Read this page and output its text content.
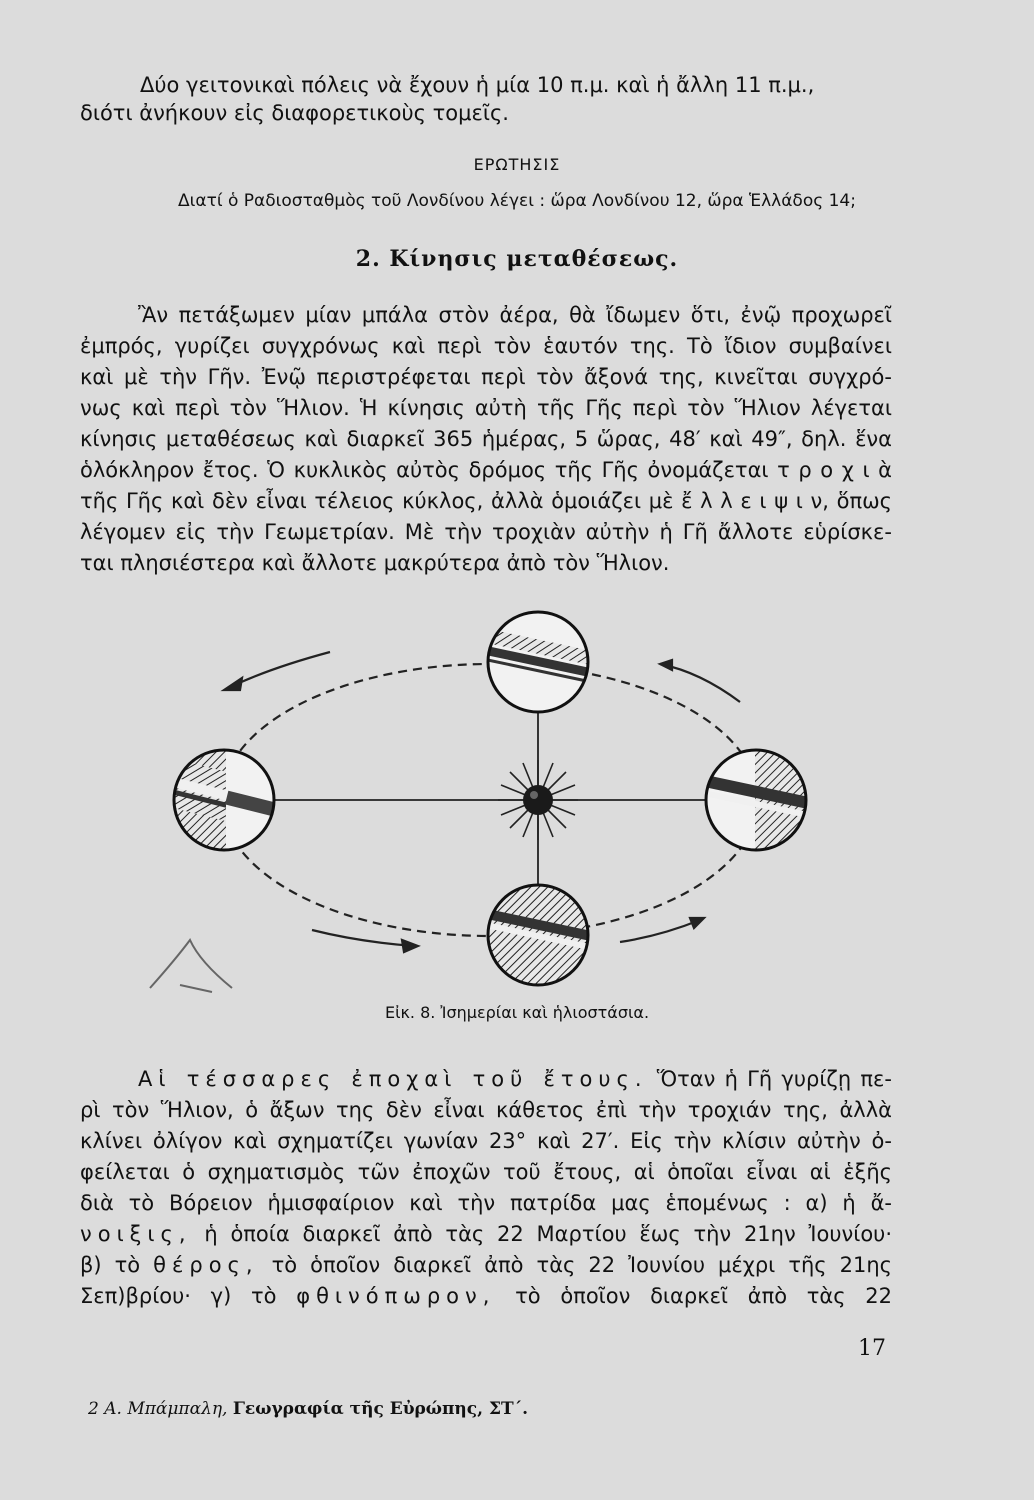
Δύο γειτονικαὶ πόλεις νὰ ἔχουν ἡ μία 10 π.μ. καὶ ἡ ἄλλη 11 π.μ.,
διότι ἀνήκουν εἰς διαφορετικοὺς τομεῖς.
ΕΡΩΤΗΣΙΣ
Διατί ὁ Ραδιοσταθμὸς τοῦ Λονδίνου λέγει : ὥρα Λονδίνου 12, ὥρα Ἑλλάδος 14;
2. Κίνησις μεταθέσεως.
Ἂν πετάξωμεν μίαν μπάλα στὸν ἀέρα, θὰ ἴδωμεν ὅτι, ἐνῷ προχωρεῖ
ἐμπρός, γυρίζει συγχρόνως καὶ περὶ τὸν ἑαυτόν της. Τὸ ἴδιον συμβαίνει
καὶ μὲ τὴν Γῆν. Ἐνῷ περιστρέφεται περὶ τὸν ἄξονά της, κινεῖται συγχρό-
νως καὶ περὶ τὸν Ἥλιον. Ἡ κίνησις αὐτὴ τῆς Γῆς περὶ τὸν Ἥλιον λέγεται
κίνησις μεταθέσεως καὶ διαρκεῖ 365 ἡμέρας, 5 ὥρας, 48′ καὶ 49″, δηλ. ἕνα
ὁλόκληρον ἔτος. Ὁ κυκλικὸς αὐτὸς δρόμος τῆς Γῆς ὀνομάζεται τ ρ ο χ ι ὰ
τῆς Γῆς καὶ δὲν εἶναι τέλειος κύκλος, ἀλλὰ ὁμοιάζει μὲ ἔ λ λ ε ι ψ ι ν, ὅπως
λέγομεν εἰς τὴν Γεωμετρίαν. Μὲ τὴν τροχιὰν αὐτὴν ἡ Γῆ ἄλλοτε εὑρίσκε-
ται πλησιέστερα καὶ ἄλλοτε μακρύτερα ἀπὸ τὸν Ἥλιον.
Εἰκ. 8. Ἰσημερίαι καὶ ἡλιοστάσια.
Αἱ τέσσαρες ἐποχαὶ τοῦ ἔτους. Ὅταν ἡ Γῆ γυρίζῃ πε-
ρὶ τὸν Ἥλιον, ὁ ἄξων της δὲν εἶναι κάθετος ἐπὶ τὴν τροχιάν της, ἀλλὰ
κλίνει ὀλίγον καὶ σχηματίζει γωνίαν 23° καὶ 27′. Εἰς τὴν κλίσιν αὐτὴν ὀ-
φείλεται ὁ σχηματισμὸς τῶν ἐποχῶν τοῦ ἔτους, αἱ ὁποῖαι εἶναι αἱ ἑξῆς
διὰ τὸ Βόρειον ἡμισφαίριον καὶ τὴν πατρίδα μας ἑπομένως : α) ἡ ἄ-
νοιξις, ἡ ὁποία διαρκεῖ ἀπὸ τὰς 22 Μαρτίου ἕως τὴν 21ην Ἰουνίου·
β) τὸ θέρος, τὸ ὁποῖον διαρκεῖ ἀπὸ τὰς 22 Ἰουνίου μέχρι τῆς 21ης
Σεπ)βρίου· γ) τὸ φθινόπωρον, τὸ ὁποῖον διαρκεῖ ἀπὸ τὰς 22
17
2 Α. Μπάμπαλη, Γεωγραφία τῆς Εὐρώπης, ΣΤ΄.
